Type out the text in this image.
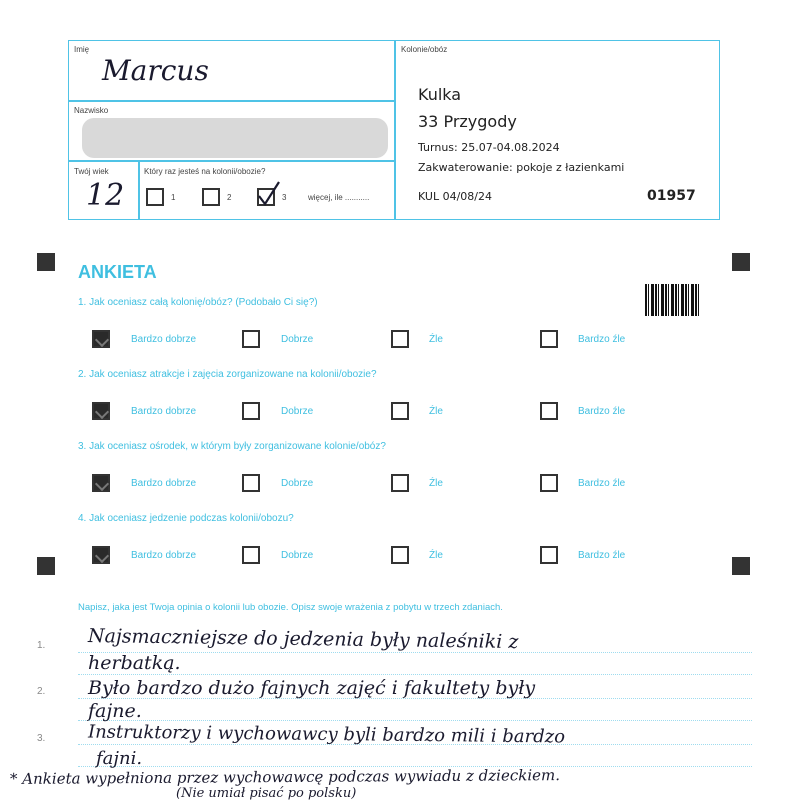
Imię
Marcus
Nazwisko
Twój wiek
12
Który raz jesteś na kolonii/obozie?
1	2	3	więcej, ile ...........
Kolonie/obóz
Kulka
33 Przygody
Turnus: 25.07-04.08.2024
Zakwaterowanie: pokoje z łazienkami
KUL 04/08/24	01957
ANKIETA
1. Jak oceniasz całą kolonię/obóz? (Podobało Ci się?)
Bardzo dobrze	Dobrze	Źle	Bardzo źle
2. Jak oceniasz atrakcje i zajęcia zorganizowane na kolonii/obozie?
Bardzo dobrze	Dobrze	Źle	Bardzo źle
3. Jak oceniasz ośrodek, w którym były zorganizowane kolonie/obóz?
Bardzo dobrze	Dobrze	Źle	Bardzo źle
4. Jak oceniasz jedzenie podczas kolonii/obozu?
Bardzo dobrze	Dobrze	Źle	Bardzo źle
Napisz, jaka jest Twoja opinia o kolonii lub obozie. Opisz swoje wrażenia z pobytu w trzech zdaniach.
1. Najsmaczniejsze do jedzenia były naleśniki z
herbatką.
2. Było bardzo dużo fajnych zajęć i fakultety były
fajne.
3. Instruktorzy i wychowawcy byli bardzo mili i bardzo
fajni.
* Ankieta wypełniona przez wychowawcę podczas wywiadu z dzieckiem.
(Nie umiał pisać po polsku)
